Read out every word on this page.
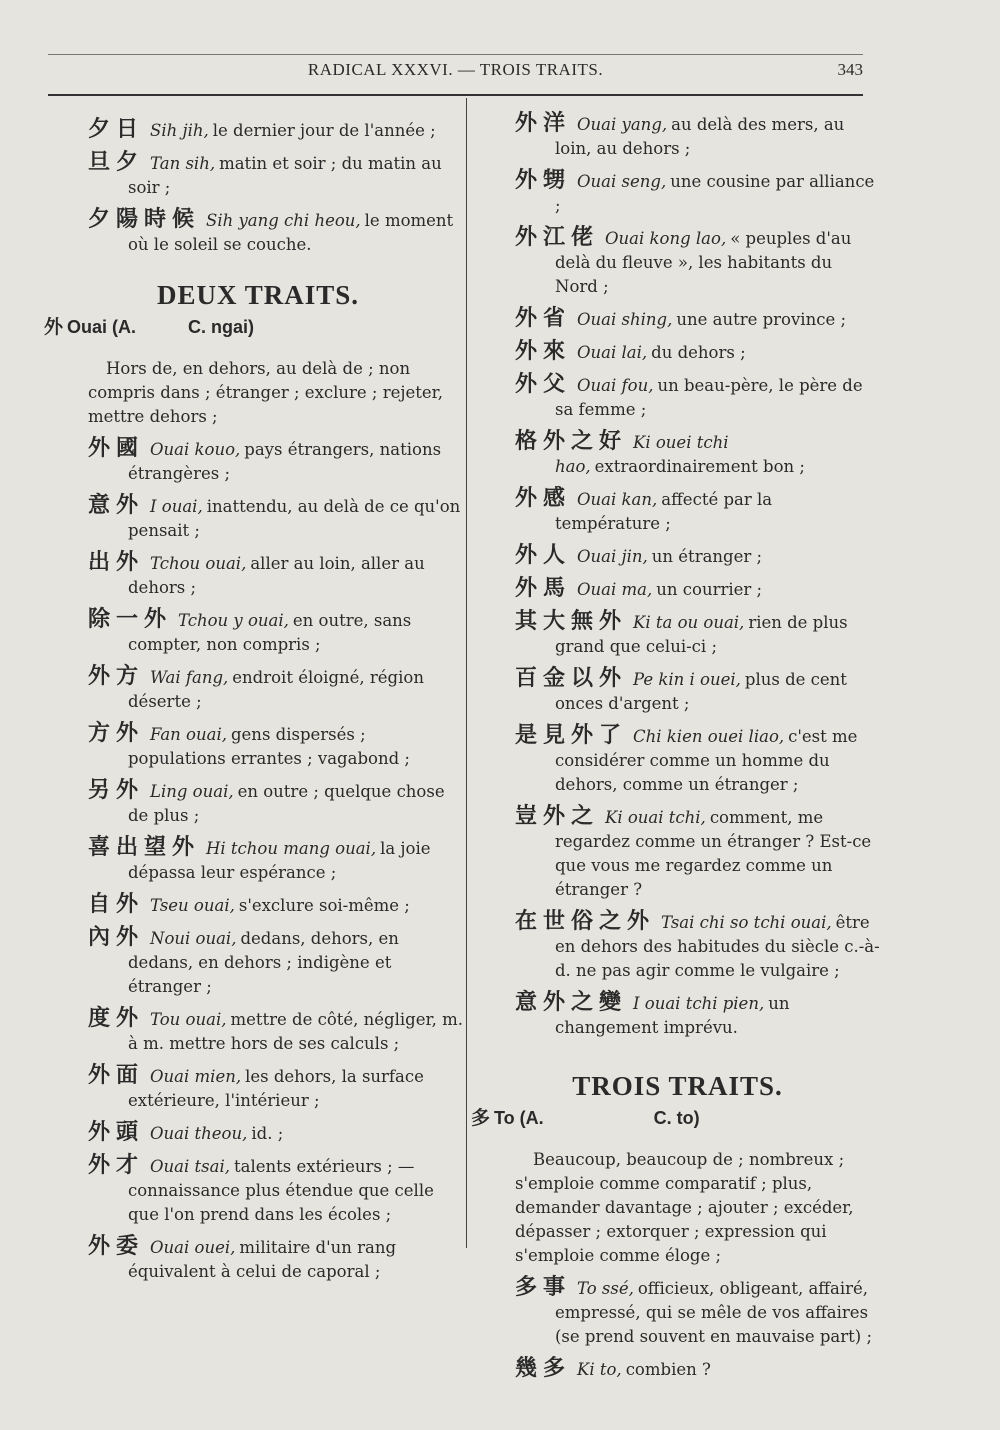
RADICAL XXXVI. — TROIS TRAITS.	343
夕日 Sih jih, le dernier jour de l'année ;
旦夕 Tan sih, matin et soir ; du matin au soir ;
夕陽時候 Sih yang chi heou, le moment où le soleil se couche.
DEUX TRAITS.
外 Ouai (A.	C. ngai)
Hors de, en dehors, au delà de ; non compris dans ; étranger ; exclure ; rejeter, mettre dehors ;
外國 Ouai kouo, pays étrangers, nations étrangères ;
意外 I ouai, inattendu, au delà de ce qu'on pensait ;
出外 Tchou ouai, aller au loin, aller au dehors ;
除一外 Tchou y ouai, en outre, sans compter, non compris ;
外方 Wai fang, endroit éloigné, région déserte ;
方外 Fan ouai, gens dispersés ; populations errantes ; vagabond ;
另外 Ling ouai, en outre ; quelque chose de plus ;
喜出望外 Hi tchou mang ouai, la joie dépassa leur espérance ;
自外 Tseu ouai, s'exclure soi-même ;
內外 Noui ouai, dedans, dehors, en dedans, en dehors ; indigène et étranger ;
度外 Tou ouai, mettre de côté, négliger, m. à m. mettre hors de ses calculs ;
外面 Ouai mien, les dehors, la surface extérieure, l'intérieur ;
外頭 Ouai theou, id. ;
外才 Ouai tsai, talents extérieurs ; — connaissance plus étendue que celle que l'on prend dans les écoles ;
外委 Ouai ouei, militaire d'un rang équivalent à celui de caporal ;
外洋 Ouai yang, au delà des mers, au loin, au dehors ;
外甥 Ouai seng, une cousine par alliance ;
外江佬 Ouai kong lao, « peuples d'au delà du fleuve », les habitants du Nord ;
外省 Ouai shing, une autre province ;
外來 Ouai lai, du dehors ;
外父 Ouai fou, un beau-père, le père de sa femme ;
格外之好 Ki ouei tchi hao, extraordinairement bon ;
外感 Ouai kan, affecté par la température ;
外人 Ouai jin, un étranger ;
外馬 Ouai ma, un courrier ;
其大無外 Ki ta ou ouai, rien de plus grand que celui-ci ;
百金以外 Pe kin i ouei, plus de cent onces d'argent ;
是見外了 Chi kien ouei liao, c'est me considérer comme un homme du dehors, comme un étranger ;
豈外之 Ki ouai tchi, comment, me regardez comme un étranger ? Est-ce que vous me regardez comme un étranger ?
在世俗之外 Tsai chi so tchi ouai, être en dehors des habitudes du siècle c.-à-d. ne pas agir comme le vulgaire ;
意外之變 I ouai tchi pien, un changement imprévu.
TROIS TRAITS.
多 To (A.	C. to)
Beaucoup, beaucoup de ; nombreux ; s'emploie comme comparatif ; plus, demander davantage ; ajouter ; excéder, dépasser ; extorquer ; expression qui s'emploie comme éloge ;
多事 To ssé, officieux, obligeant, affairé, empressé, qui se mêle de vos affaires (se prend souvent en mauvaise part) ;
幾多 Ki to, combien ?
